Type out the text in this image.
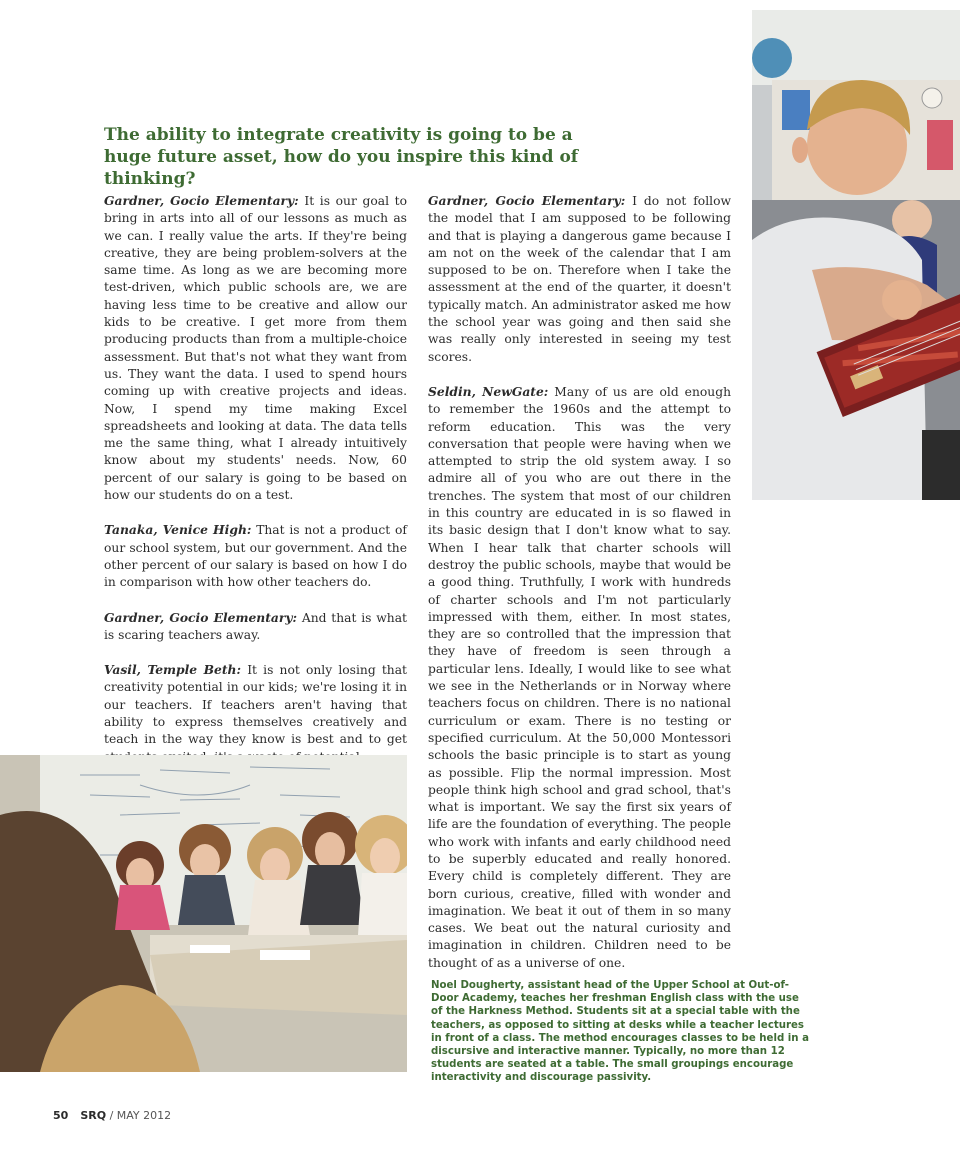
The ability to integrate creativity is going to be a huge future asset, how do you inspire this kind of thinking?

Gardner, Gocio Elementary: It is our goal to bring in arts into all of our lessons as much as we can. I really value the arts. If they're being creative, they are being problem-solvers at the same time. As long as we are becoming more test-driven, which public schools are, we are having less time to be creative and allow our kids to be creative. I get more from them producing products than from a multiple-choice assessment. But that's not what they want from us. They want the data. I used to spend hours coming up with creative projects and ideas. Now, I spend my time making Excel spreadsheets and looking at data. The data tells me the same thing, what I already intuitively know about my students' needs. Now, 60 percent of our salary is going to be based on how our students do on a test.

Tanaka, Venice High: That is not a product of our school system, but our government. And the other percent of our salary is based on how I do in comparison with how other teachers do.

Gardner, Gocio Elementary: And that is what is scaring teachers away.

Vasil, Temple Beth: It is not only losing that creativity potential in our kids; we're losing it in our teachers. If teachers aren't having that ability to express themselves creatively and teach in the way they know is best and to get

Gardner, Gocio Elementary: I do not follow the model that I am supposed to be following and that is playing a dangerous game because I am not on the week of the calendar that I am supposed to be on. Therefore when I take the assessment at the end of the quarter, it doesn't typically match. An administrator asked me how the school year was going and then said she was really only interested in seeing my test scores.

Seldin, NewGate: Many of us are old enough to remember the 1960s and the attempt to reform education. This was the very conversation that people were having when we attempted to strip the old system away. I so admire all of you who are out there in the trenches. The system that most of our children in this country are educated in is so flawed in its basic design that I don't know what to say. When I hear talk that charter schools will destroy the public schools, maybe that would be a good thing. Truthfully, I work with hundreds of charter schools and I'm not particularly impressed with them, either. In most states, they are so controlled that the impression that they have of freedom is seen through a particular lens. Ideally, I would like to see what we see in the Netherlands or in Norway where teachers focus on children. There is no national curriculum or exam. There is no testing or specified curriculum. At the 50,000 Montessori schools the basic principle is to start as young as possible. Flip the normal impression. Most people think high school and grad school, that's what is important. We say the first six years of life are the foundation of everything. The people who work with infants and early childhood need to be superbly educated and really honored. Every child is completely different. They are born curious, creative, filled with wonder and imagination. We beat it out of them in so many cases. We beat out the natural curiosity and imagination in children. Children need to be thought of as a universe of one.

Noel Dougherty, assistant head of the Upper School at Out-of-Door Academy, teaches her freshman English class with the use of the Harkness Method. Students sit at a special table with the teachers, as opposed to sitting at desks while a teacher lectures in front of a class. The method encourages classes to be held in a discursive and interactive manner. Typically, no more than 12 students are seated at a table. The small groupings encourage interactivity and discourage passivity.

50 SRQ / MAY 2012
